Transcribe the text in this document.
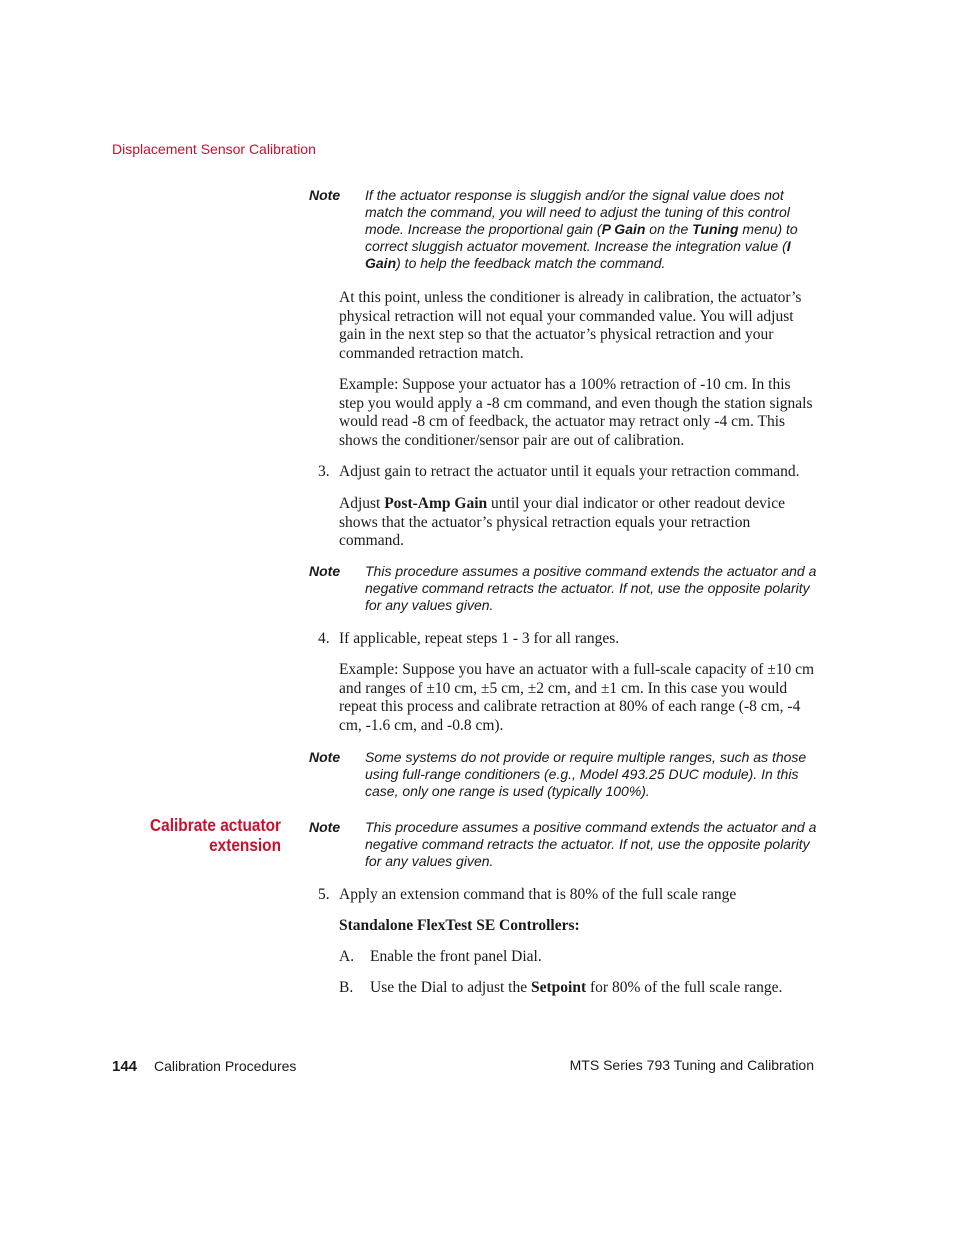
Displacement Sensor Calibration
Note If the actuator response is sluggish and/or the signal value does not match the command, you will need to adjust the tuning of this control mode. Increase the proportional gain (P Gain on the Tuning menu) to correct sluggish actuator movement. Increase the integration value (I Gain) to help the feedback match the command.
At this point, unless the conditioner is already in calibration, the actuator’s physical retraction will not equal your commanded value. You will adjust gain in the next step so that the actuator’s physical retraction and your commanded retraction match.
Example: Suppose your actuator has a 100% retraction of -10 cm. In this step you would apply a -8 cm command, and even though the station signals would read -8 cm of feedback, the actuator may retract only -4 cm. This shows the conditioner/sensor pair are out of calibration.
3. Adjust gain to retract the actuator until it equals your retraction command.
Adjust Post-Amp Gain until your dial indicator or other readout device shows that the actuator’s physical retraction equals your retraction command.
Note This procedure assumes a positive command extends the actuator and a negative command retracts the actuator. If not, use the opposite polarity for any values given.
4. If applicable, repeat steps 1 - 3 for all ranges.
Example: Suppose you have an actuator with a full-scale capacity of ±10 cm and ranges of ±10 cm, ±5 cm, ±2 cm, and ±1 cm. In this case you would repeat this process and calibrate retraction at 80% of each range (-8 cm, -4 cm, -1.6 cm, and -0.8 cm).
Note Some systems do not provide or require multiple ranges, such as those using full-range conditioners (e.g., Model 493.25 DUC module). In this case, only one range is used (typically 100%).
Calibrate actuator
extension
Note This procedure assumes a positive command extends the actuator and a negative command retracts the actuator. If not, use the opposite polarity for any values given.
5. Apply an extension command that is 80% of the full scale range
Standalone FlexTest SE Controllers:
A. Enable the front panel Dial.
B. Use the Dial to adjust the Setpoint for 80% of the full scale range.
144 Calibration Procedures	MTS Series 793 Tuning and Calibration
